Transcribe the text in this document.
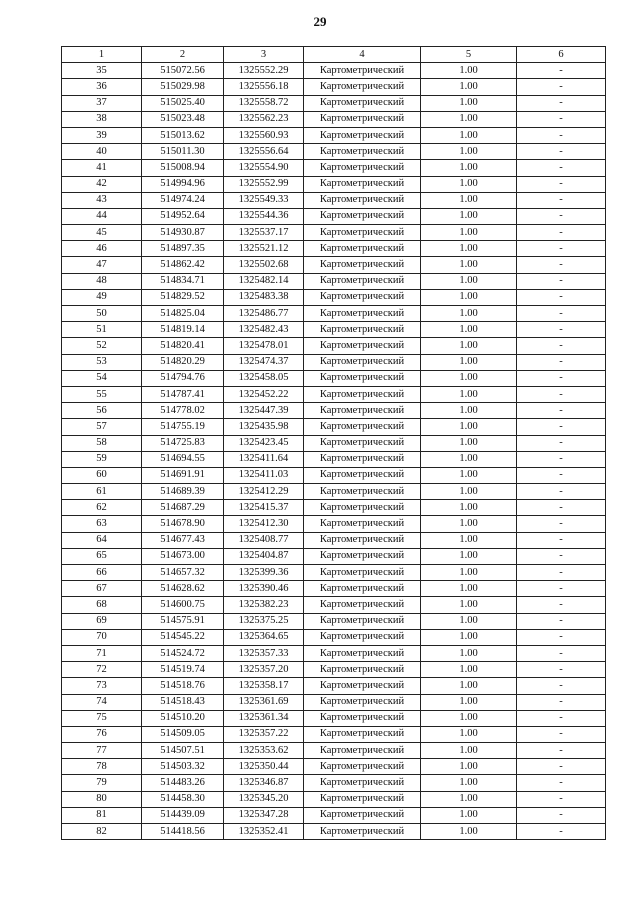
29
1	2	3	4	5	6
35	515072.56	1325552.29	Картометрический	1.00	-
36	515029.98	1325556.18	Картометрический	1.00	-
37	515025.40	1325558.72	Картометрический	1.00	-
38	515023.48	1325562.23	Картометрический	1.00	-
39	515013.62	1325560.93	Картометрический	1.00	-
40	515011.30	1325556.64	Картометрический	1.00	-
41	515008.94	1325554.90	Картометрический	1.00	-
42	514994.96	1325552.99	Картометрический	1.00	-
43	514974.24	1325549.33	Картометрический	1.00	-
44	514952.64	1325544.36	Картометрический	1.00	-
45	514930.87	1325537.17	Картометрический	1.00	-
46	514897.35	1325521.12	Картометрический	1.00	-
47	514862.42	1325502.68	Картометрический	1.00	-
48	514834.71	1325482.14	Картометрический	1.00	-
49	514829.52	1325483.38	Картометрический	1.00	-
50	514825.04	1325486.77	Картометрический	1.00	-
51	514819.14	1325482.43	Картометрический	1.00	-
52	514820.41	1325478.01	Картометрический	1.00	-
53	514820.29	1325474.37	Картометрический	1.00	-
54	514794.76	1325458.05	Картометрический	1.00	-
55	514787.41	1325452.22	Картометрический	1.00	-
56	514778.02	1325447.39	Картометрический	1.00	-
57	514755.19	1325435.98	Картометрический	1.00	-
58	514725.83	1325423.45	Картометрический	1.00	-
59	514694.55	1325411.64	Картометрический	1.00	-
60	514691.91	1325411.03	Картометрический	1.00	-
61	514689.39	1325412.29	Картометрический	1.00	-
62	514687.29	1325415.37	Картометрический	1.00	-
63	514678.90	1325412.30	Картометрический	1.00	-
64	514677.43	1325408.77	Картометрический	1.00	-
65	514673.00	1325404.87	Картометрический	1.00	-
66	514657.32	1325399.36	Картометрический	1.00	-
67	514628.62	1325390.46	Картометрический	1.00	-
68	514600.75	1325382.23	Картометрический	1.00	-
69	514575.91	1325375.25	Картометрический	1.00	-
70	514545.22	1325364.65	Картометрический	1.00	-
71	514524.72	1325357.33	Картометрический	1.00	-
72	514519.74	1325357.20	Картометрический	1.00	-
73	514518.76	1325358.17	Картометрический	1.00	-
74	514518.43	1325361.69	Картометрический	1.00	-
75	514510.20	1325361.34	Картометрический	1.00	-
76	514509.05	1325357.22	Картометрический	1.00	-
77	514507.51	1325353.62	Картометрический	1.00	-
78	514503.32	1325350.44	Картометрический	1.00	-
79	514483.26	1325346.87	Картометрический	1.00	-
80	514458.30	1325345.20	Картометрический	1.00	-
81	514439.09	1325347.28	Картометрический	1.00	-
82	514418.56	1325352.41	Картометрический	1.00	-
